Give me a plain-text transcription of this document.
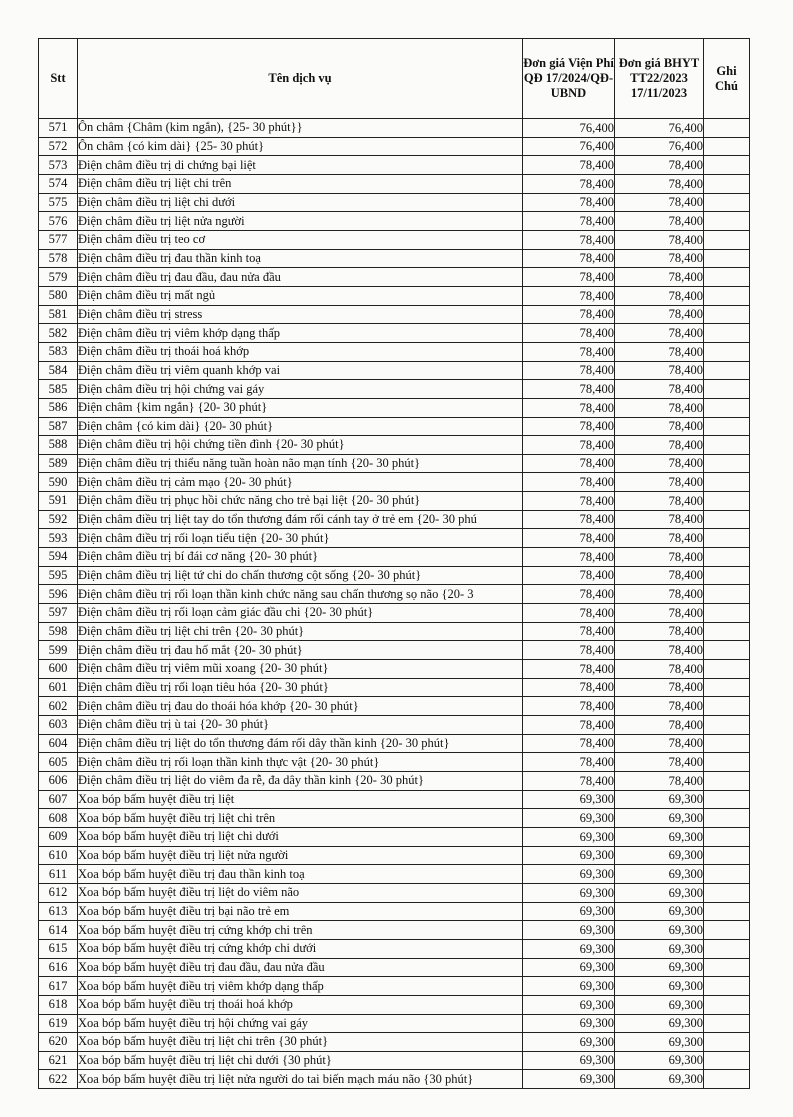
Stt	Tên dịch vụ	Đơn giá Viện Phí QĐ 17/2024/QĐ-UBND	Đơn giá BHYT TT22/2023 17/11/2023	Ghi Chú
571	Ôn châm {Châm (kim ngắn), {25- 30 phút}}	76,400	76,400	
572	Ôn châm {có kim dài} {25- 30 phút}	76,400	76,400	
573	Điện châm điều trị di chứng bại liệt	78,400	78,400	
574	Điện châm điều trị liệt chi trên	78,400	78,400	
575	Điện châm điều trị liệt chi dưới	78,400	78,400	
576	Điện châm điều trị liệt nửa người	78,400	78,400	
577	Điện châm điều trị teo cơ	78,400	78,400	
578	Điện châm điều trị đau thần kinh toạ	78,400	78,400	
579	Điện châm điều trị đau đầu, đau nửa đầu	78,400	78,400	
580	Điện châm điều trị mất ngủ	78,400	78,400	
581	Điện châm điều trị stress	78,400	78,400	
582	Điện châm điều trị viêm khớp dạng thấp	78,400	78,400	
583	Điện châm điều trị thoái hoá khớp	78,400	78,400	
584	Điện châm điều trị viêm quanh khớp vai	78,400	78,400	
585	Điện châm điều trị hội chứng vai gáy	78,400	78,400	
586	Điện châm {kim ngắn} {20- 30 phút}	78,400	78,400	
587	Điện châm {có kim dài} {20- 30 phút}	78,400	78,400	
588	Điện châm điều trị hội chứng tiền đình {20- 30 phút}	78,400	78,400	
589	Điện châm điều trị thiểu năng tuần hoàn não mạn tính {20- 30 phút}	78,400	78,400	
590	Điện châm điều trị cảm mạo {20- 30 phút}	78,400	78,400	
591	Điện châm điều trị phục hồi chức năng cho trẻ bại liệt {20- 30 phút}	78,400	78,400	
592	Điện châm điều trị liệt tay do tổn thương đám rối cánh tay ở trẻ em {20- 30 phú	78,400	78,400	
593	Điện châm điều trị rối loạn tiểu tiện {20- 30 phút}	78,400	78,400	
594	Điện châm điều trị bí đái cơ năng {20- 30 phút}	78,400	78,400	
595	Điện châm điều trị liệt tứ chi do chấn thương cột sống {20- 30 phút}	78,400	78,400	
596	Điện châm điều trị rối loạn thần kinh chức năng sau chấn thương sọ não {20- 3	78,400	78,400	
597	Điện châm điều trị rối loạn cảm giác đầu chi {20- 30 phút}	78,400	78,400	
598	Điện châm điều trị liệt chi trên {20- 30 phút}	78,400	78,400	
599	Điện châm điều trị đau hố mắt {20- 30 phút}	78,400	78,400	
600	Điện châm điều trị viêm mũi xoang {20- 30 phút}	78,400	78,400	
601	Điện châm điều trị rối loạn tiêu hóa {20- 30 phút}	78,400	78,400	
602	Điện châm điều trị đau do thoái hóa khớp {20- 30 phút}	78,400	78,400	
603	Điện châm điều trị ù tai {20- 30 phút}	78,400	78,400	
604	Điện châm điều trị liệt do tổn thương đám rối dây thần kinh {20- 30 phút}	78,400	78,400	
605	Điện châm điều trị rối loạn thần kinh thực vật {20- 30 phút}	78,400	78,400	
606	Điện châm điều trị liệt do viêm đa rễ, đa dây thần kinh {20- 30 phút}	78,400	78,400	
607	Xoa bóp bấm huyệt điều trị liệt	69,300	69,300	
608	Xoa bóp bấm huyệt điều trị liệt chi trên	69,300	69,300	
609	Xoa bóp bấm huyệt điều trị liệt chi dưới	69,300	69,300	
610	Xoa bóp bấm huyệt điều trị liệt nửa người	69,300	69,300	
611	Xoa bóp bấm huyệt điều trị đau thần kinh toạ	69,300	69,300	
612	Xoa bóp bấm huyệt điều trị liệt do viêm não	69,300	69,300	
613	Xoa bóp bấm huyệt điều trị bại não trẻ em	69,300	69,300	
614	Xoa bóp bấm huyệt điều trị cứng khớp chi trên	69,300	69,300	
615	Xoa bóp bấm huyệt điều trị cứng khớp chi dưới	69,300	69,300	
616	Xoa bóp bấm huyệt điều trị đau đầu, đau nửa đầu	69,300	69,300	
617	Xoa bóp bấm huyệt điều trị viêm khớp dạng thấp	69,300	69,300	
618	Xoa bóp bấm huyệt điều trị thoái hoá khớp	69,300	69,300	
619	Xoa bóp bấm huyệt điều trị hội chứng vai gáy	69,300	69,300	
620	Xoa bóp bấm huyệt điều trị liệt chi trên {30 phút}	69,300	69,300	
621	Xoa bóp bấm huyệt điều trị liệt chi dưới {30 phút}	69,300	69,300	
622	Xoa bóp bấm huyệt điều trị liệt nửa người do tai biến mạch máu não {30 phút}	69,300	69,300	
